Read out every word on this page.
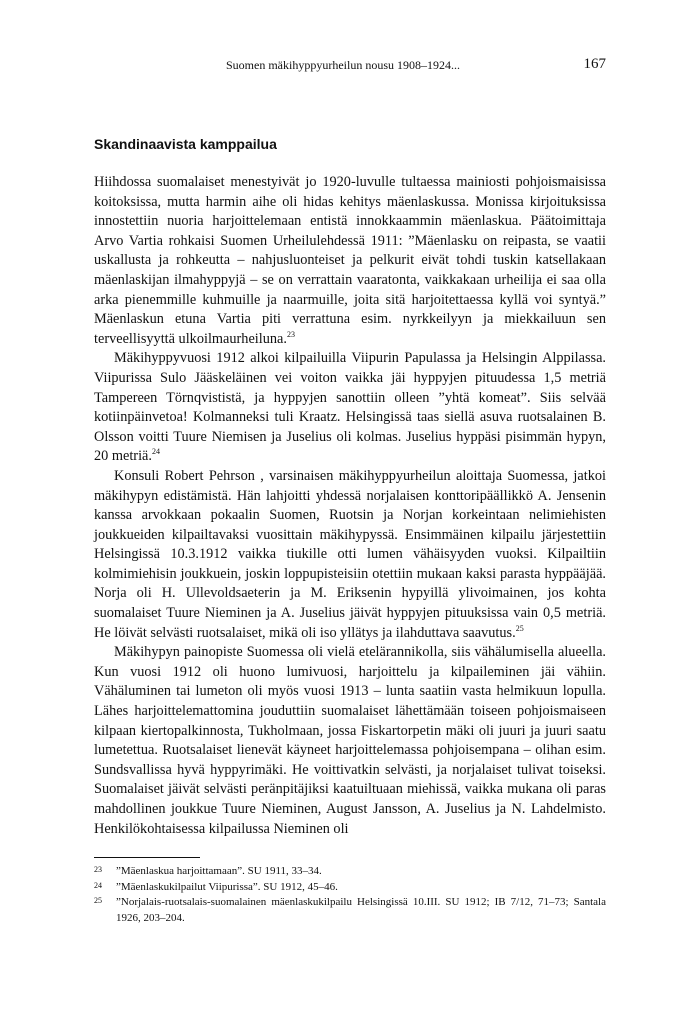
Suomen mäkihyppyurheilun nousu 1908–1924...	167
Skandinaavista kamppailua

Hiihdossa suomalaiset menestyivät jo 1920-luvulle tultaessa mainiosti pohjoismaisissa koitoksissa, mutta harmin aihe oli hidas kehitys mäenlaskussa. Monissa kirjoituksissa innostettiin nuoria harjoittelemaan entistä innokkaammin mäenlaskua. Päätoimittaja Arvo Vartia rohkaisi Suomen Urheilulehdessä 1911: ”Mäenlasku on reipasta, se vaatii uskallusta ja rohkeutta – nahjusluonteiset ja pelkurit eivät tohdi tuskin katsellakaan mäenlaskijan ilmahyppyjä – se on verrattain vaaratonta, vaikkakaan urheilija ei saa olla arka pienemmille kuhmuille ja naarmuille, joita sitä harjoitettaessa kyllä voi syntyä.” Mäenlaskun etuna Vartia piti verrattuna esim. nyrkkeilyyn ja miekkailuun sen terveellisyyttä ulkoilmaurheiluna.$^{23}$

Mäkihyppyvuosi 1912 alkoi kilpailuilla Viipurin Papulassa ja Helsingin Alppilassa. Viipurissa Sulo Jääskeläinen vei voiton vaikka jäi hyppyjen pituudessa 1,5 metriä Tampereen Törnqvististä, ja hyppyjen sanottiin olleen ”yhtä komeat”. Siis selvää kotiinpäinvetoa! Kolmanneksi tuli Kraatz. Helsingissä taas siellä asuva ruotsalainen B. Olsson voitti Tuure Niemisen ja Juselius oli kolmas. Juselius hyppäsi pisimmän hypyn, 20 metriä.$^{24}$

Konsuli Robert Pehrson , varsinaisen mäkihyppyurheilun aloittaja Suomessa, jatkoi mäkihypyn edistämistä. Hän lahjoitti yhdessä norjalaisen konttoripäällikkö A. Jensenin kanssa arvokkaan pokaalin Suomen, Ruotsin ja Norjan korkeintaan nelimiehisten joukkueiden kilpailtavaksi vuosittain mäkihypyssä. Ensimmäinen kilpailu järjestettiin Helsingissä 10.3.1912 vaikka tiukille otti lumen vähäisyyden vuoksi. Kilpailtiin kolmimiehisin joukkuein, joskin loppupisteisiin otettiin mukaan kaksi parasta hyppääjää. Norja oli H. Ullevoldsaeterin ja M. Eriksenin hypyillä ylivoimainen, jos kohta suomalaiset Tuure Nieminen ja A. Juselius jäivät hyppyjen pituuksissa vain 0,5 metriä. He löivät selvästi ruotsalaiset, mikä oli iso yllätys ja ilahduttava saavutus.$^{25}$

Mäkihypyn painopiste Suomessa oli vielä etelärannikolla, siis vähälumisella alueella. Kun vuosi 1912 oli huono lumivuosi, harjoittelu ja kilpaileminen jäi vähiin. Vähäluminen tai lumeton oli myös vuosi 1913 – lunta saatiin vasta helmikuun lopulla. Lähes harjoittelemattomina jouduttiin suomalaiset lähettämään toiseen pohjoismaiseen kilpaan kiertopalkinnosta, Tukholmaan, jossa Fiskartorpetin mäki oli juuri ja juuri saatu lumetettua. Ruotsalaiset lienevät käyneet harjoittelemassa pohjoisempana – olihan esim. Sundsvallissa hyvä hyppyrimäki. He voittivatkin selvästi, ja norjalaiset tulivat toiseksi. Suomalaiset jäivät selvästi peränpitäjiksi kaatuiltuaan miehissä, vaikka mukana oli paras mahdollinen joukkue Tuure Nieminen, August Jansson, A. Juselius ja N. Lahdelmisto. Henkilökohtaisessa kilpailussa Nieminen oli

23 ”Mäenlaskua harjoittamaan”. SU 1911, 33–34.
24 ”Mäenlaskukilpailut Viipurissa”. SU 1912, 45–46.
25 ”Norjalais-ruotsalais-suomalainen mäenlaskukilpailu Helsingissä 10.III. SU 1912; IB 7/12, 71–73; Santala 1926, 203–204.
